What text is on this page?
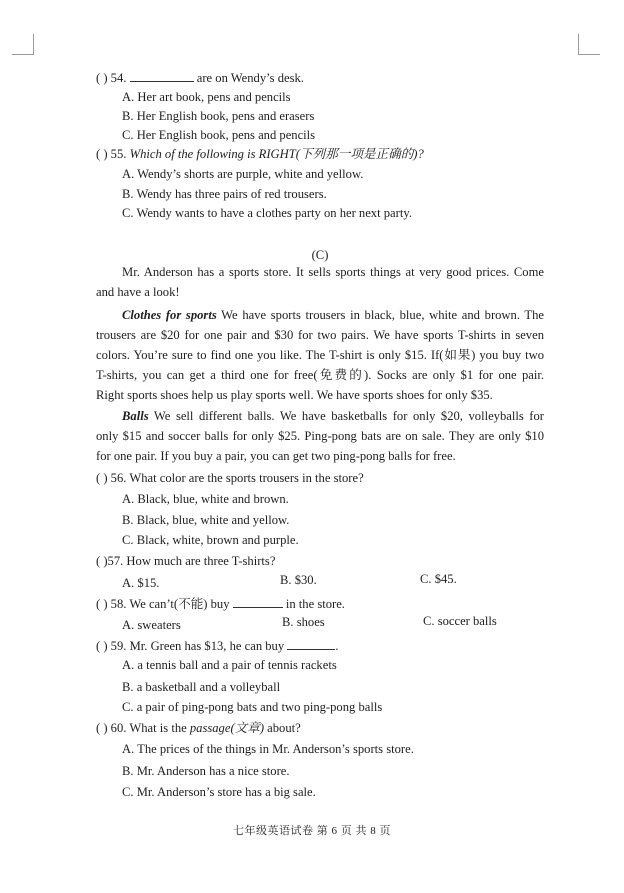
( ) 54.	are on Wendy’s desk.
A. Her art book, pens and pencils
B. Her English book, pens and erasers
C. Her English book, pens and pencils
( ) 55. Which of the following is RIGHT(下列那一项是正确的)?
A. Wendy’s shorts are purple, white and yellow.
B. Wendy has three pairs of red trousers.
C. Wendy wants to have a clothes party on her next party.
(C)
Mr. Anderson has a sports store. It sells sports things at very good prices. Come
and have a look!
Clothes for sports We have sports trousers in black, blue, white and brown. The
trousers are $20 for one pair and $30 for two pairs. We have sports T-shirts in seven
colors. You’re sure to find one you like. The T-shirt is only $15. If(如果) you buy two
T-shirts, you can get a third one for free(免费的). Socks are only $1 for one pair.
Right sports shoes help us play sports well. We have sports shoes for only $35.
Balls We sell different balls. We have basketballs for only $20, volleyballs for
only $15 and soccer balls for only $25. Ping-pong bats are on sale. They are only $10
for one pair. If you buy a pair, you can get two ping-pong balls for free.
( ) 56. What color are the sports trousers in the store?
A. Black, blue, white and brown.
B. Black, blue, white and yellow.
C. Black, white, brown and purple.
( )57. How much are three T-shirts?
A. $15.	B. $30.	C. $45.
( ) 58. We can’t(不能) buy	in the store.
A. sweaters	B. shoes	C. soccer balls
( ) 59. Mr. Green has $13, he can buy	.
A. a tennis ball and a pair of tennis rackets
B. a basketball and a volleyball
C. a pair of ping-pong bats and two ping-pong balls
( ) 60. What is the passage(文章) about?
A. The prices of the things in Mr. Anderson’s sports store.
B. Mr. Anderson has a nice store.
C. Mr. Anderson’s store has a big sale.
七年级英语试卷 第 6 页 共 8 页
